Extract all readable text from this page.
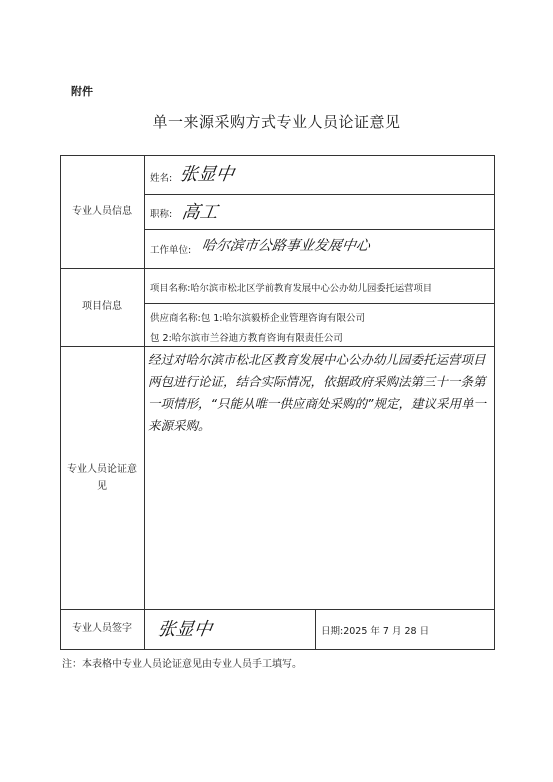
附件
单一来源采购方式专业人员论证意见
专业人员信息
姓名: 张显中
职称: 高工
工作单位: 哈尔滨市公路事业发展中心
项目信息
项目名称:哈尔滨市松北区学前教育发展中心公办幼儿园委托运营项目
供应商名称:包 1:哈尔滨毅桥企业管理咨询有限公司
包 2:哈尔滨市兰谷迪方教育咨询有限责任公司
专业人员论证意见
经过对哈尔滨市松北区教育发展中心公办幼儿园委托运营项目两包进行论证，结合实际情况，依据政府采购法第三十一条第一项情形，“只能从唯一供应商处采购的”规定，建议采用单一来源采购。
专业人员签字	张显中	日期:2025 年 7 月 28 日
注：本表格中专业人员论证意见由专业人员手工填写。
